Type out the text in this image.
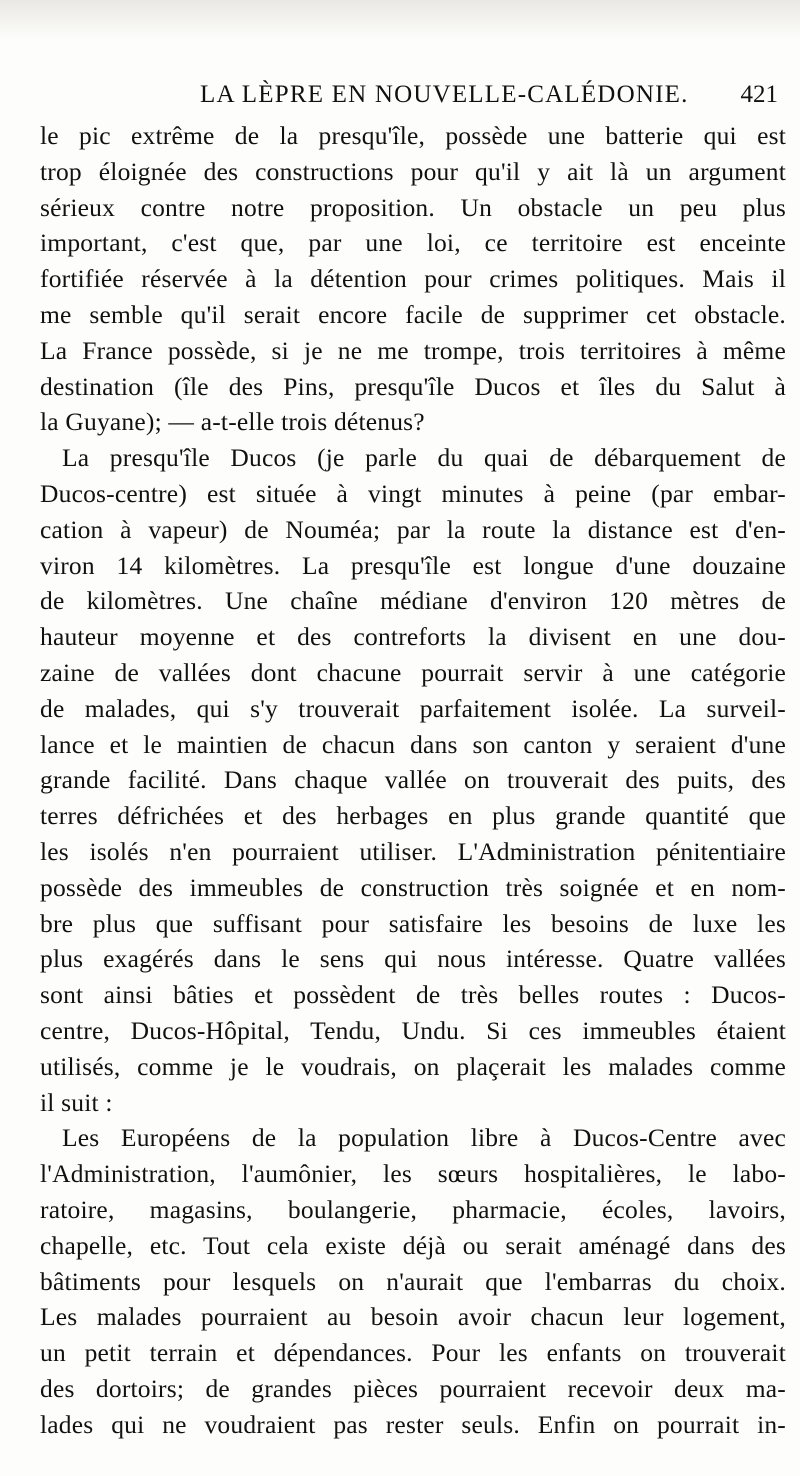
LA LÈPRE EN NOUVELLE-CALÉDONIE. 421
le pic extrême de la presqu'île, possède une batterie qui est
trop éloignée des constructions pour qu'il y ait là un argument
sérieux contre notre proposition. Un obstacle un peu plus
important, c'est que, par une loi, ce territoire est enceinte
fortifiée réservée à la détention pour crimes politiques. Mais il
me semble qu'il serait encore facile de supprimer cet obstacle.
La France possède, si je ne me trompe, trois territoires à même
destination (île des Pins, presqu'île Ducos et îles du Salut à
la Guyane); — a-t-elle trois détenus?
La presqu'île Ducos (je parle du quai de débarquement de
Ducos-centre) est située à vingt minutes à peine (par embar-
cation à vapeur) de Nouméa; par la route la distance est d'en-
viron 14 kilomètres. La presqu'île est longue d'une douzaine
de kilomètres. Une chaîne médiane d'environ 120 mètres de
hauteur moyenne et des contreforts la divisent en une dou-
zaine de vallées dont chacune pourrait servir à une catégorie
de malades, qui s'y trouverait parfaitement isolée. La surveil-
lance et le maintien de chacun dans son canton y seraient d'une
grande facilité. Dans chaque vallée on trouverait des puits, des
terres défrichées et des herbages en plus grande quantité que
les isolés n'en pourraient utiliser. L'Administration pénitentiaire
possède des immeubles de construction très soignée et en nom-
bre plus que suffisant pour satisfaire les besoins de luxe les
plus exagérés dans le sens qui nous intéresse. Quatre vallées
sont ainsi bâties et possèdent de très belles routes : Ducos-
centre, Ducos-Hôpital, Tendu, Undu. Si ces immeubles étaient
utilisés, comme je le voudrais, on plaçerait les malades comme
il suit :
Les Européens de la population libre à Ducos-Centre avec
l'Administration, l'aumônier, les sœurs hospitalières, le labo-
ratoire, magasins, boulangerie, pharmacie, écoles, lavoirs,
chapelle, etc. Tout cela existe déjà ou serait aménagé dans des
bâtiments pour lesquels on n'aurait que l'embarras du choix.
Les malades pourraient au besoin avoir chacun leur logement,
un petit terrain et dépendances. Pour les enfants on trouverait
des dortoirs; de grandes pièces pourraient recevoir deux ma-
lades qui ne voudraient pas rester seuls. Enfin on pourrait in-
